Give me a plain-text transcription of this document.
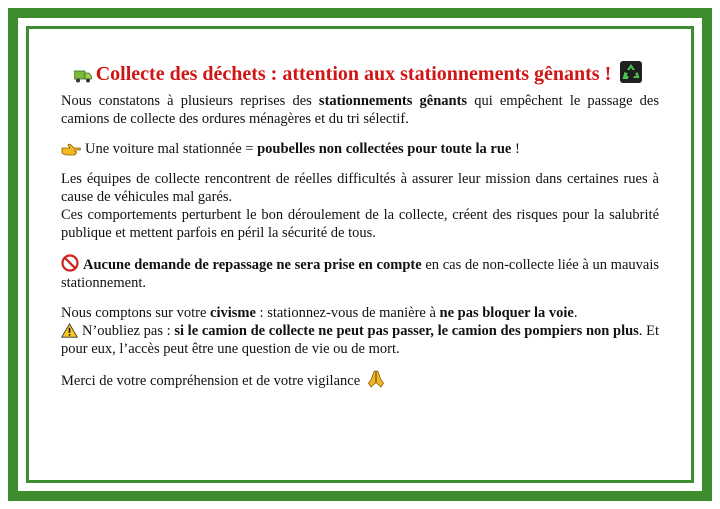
Collecte des déchets : attention aux stationnements gênants !

Nous constatons à plusieurs reprises des stationnements gênants qui empêchent le passage des camions de collecte des ordures ménagères et du tri sélectif.

Une voiture mal stationnée = poubelles non collectées pour toute la rue !

Les équipes de collecte rencontrent de réelles difficultés à assurer leur mission dans certaines rues à cause de véhicules mal garés.
Ces comportements perturbent le bon déroulement de la collecte, créent des risques pour la salubrité publique et mettent parfois en péril la sécurité de tous.

Aucune demande de repassage ne sera prise en compte en cas de non-collecte liée à un mauvais stationnement.

Nous comptons sur votre civisme : stationnez-vous de manière à ne pas bloquer la voie.
N’oubliez pas : si le camion de collecte ne peut pas passer, le camion des pompiers non plus. Et pour eux, l’accès peut être une question de vie ou de mort.

Merci de votre compréhension et de votre vigilance
